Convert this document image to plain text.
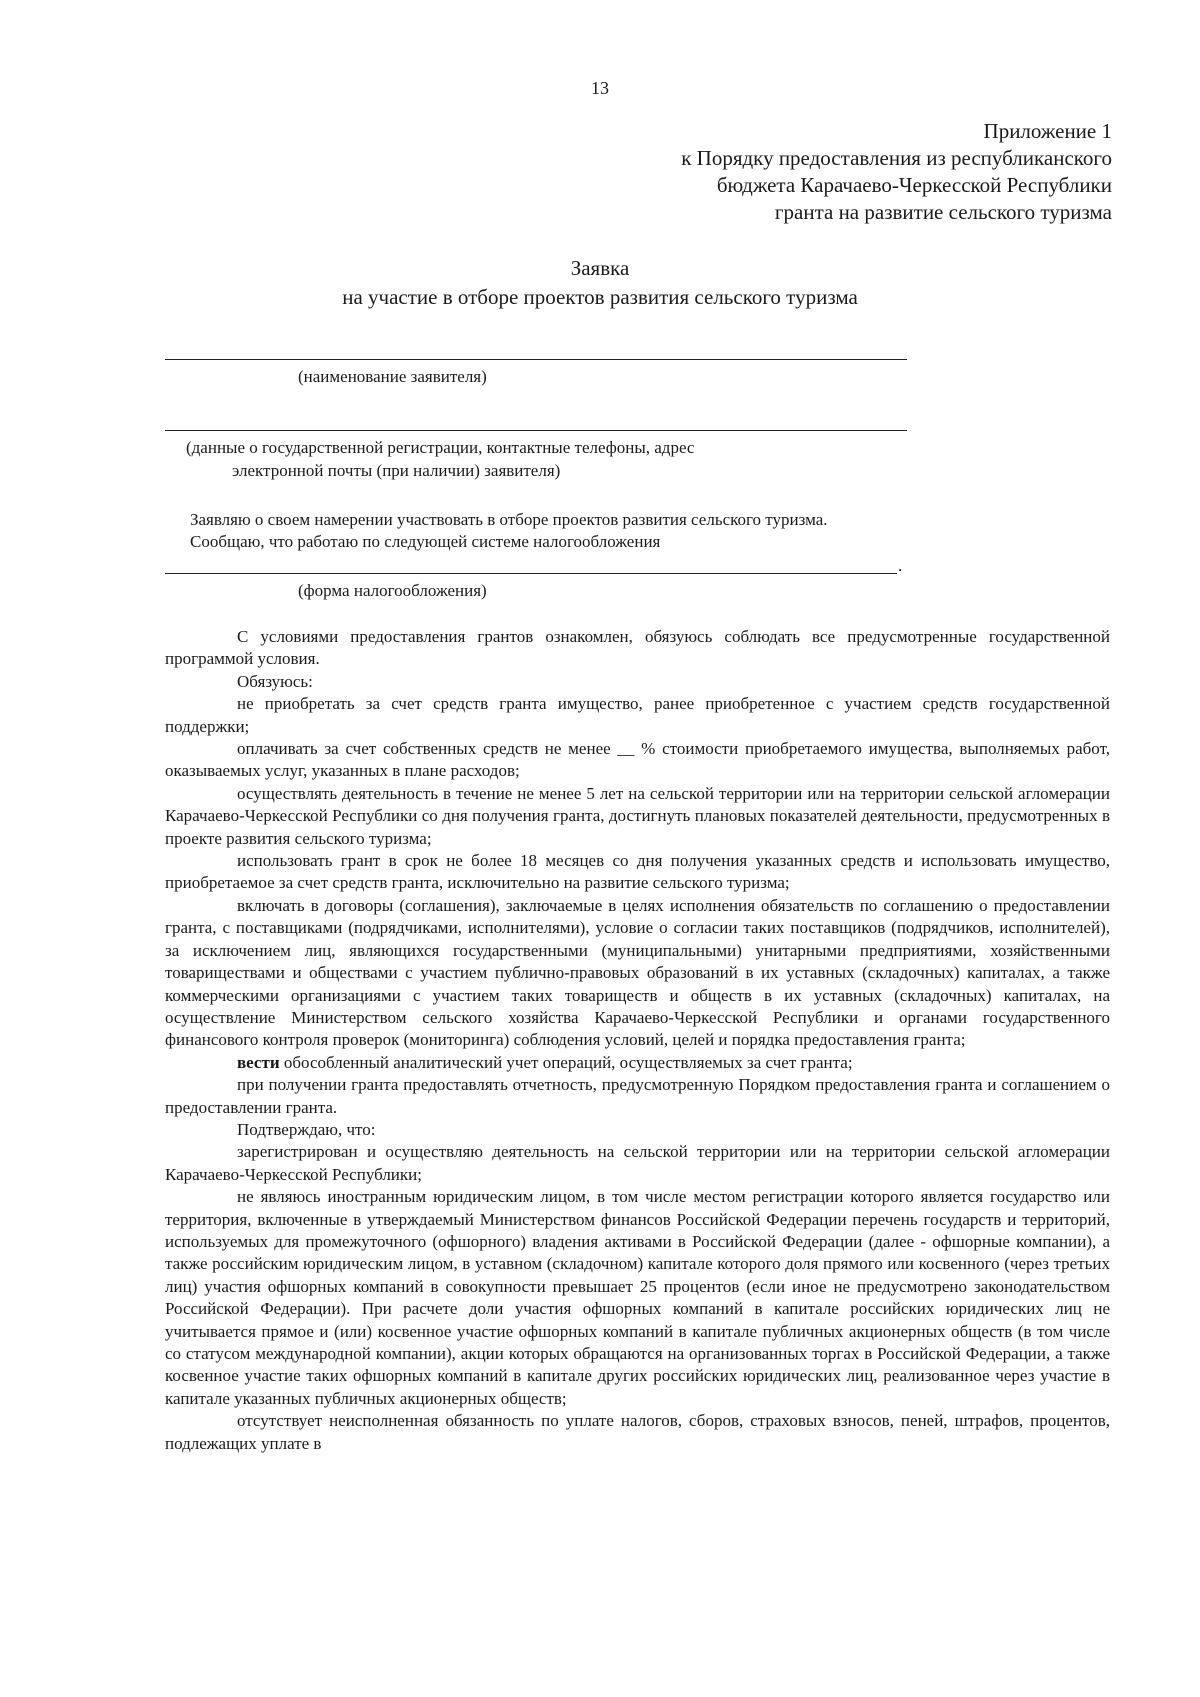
13
Приложение 1
к Порядку предоставления из республиканского
бюджета Карачаево-Черкесской Республики
гранта на развитие сельского туризма
Заявка
на участие в отборе проектов развития сельского туризма
(наименование заявителя)
(данные о государственной регистрации, контактные телефоны, адрес
электронной почты (при наличии) заявителя)
Заявляю о своем намерении участвовать в отборе проектов развития сельского туризма.
Сообщаю, что работаю по следующей системе налогообложения
.
(форма налогообложения)

С условиями предоставления грантов ознакомлен, обязуюсь соблюдать все предусмотренные государственной программой условия.

Обязуюсь:

не приобретать за счет средств гранта имущество, ранее приобретенное с участием средств государственной поддержки;

оплачивать за счет собственных средств не менее __ % стоимости приобретаемого имущества, выполняемых работ, оказываемых услуг, указанных в плане расходов;

осуществлять деятельность в течение не менее 5 лет на сельской территории или на территории сельской агломерации Карачаево-Черкесской Республики со дня получения гранта, достигнуть плановых показателей деятельности, предусмотренных в проекте развития сельского туризма;

использовать грант в срок не более 18 месяцев со дня получения указанных средств и использовать имущество, приобретаемое за счет средств гранта, исключительно на развитие сельского туризма;

включать в договоры (соглашения), заключаемые в целях исполнения обязательств по соглашению о предоставлении гранта, с поставщиками (подрядчиками, исполнителями), условие о согласии таких поставщиков (подрядчиков, исполнителей), за исключением лиц, являющихся государственными (муниципальными) унитарными предприятиями, хозяйственными товариществами и обществами с участием публично-правовых образований в их уставных (складочных) капиталах, а также коммерческими организациями с участием таких товариществ и обществ в их уставных (складочных) капиталах, на осуществление Министерством сельского хозяйства Карачаево-Черкесской Республики и органами государственного финансового контроля проверок (мониторинга) соблюдения условий, целей и порядка предоставления гранта;

вести обособленный аналитический учет операций, осуществляемых за счет гранта;

при получении гранта предоставлять отчетность, предусмотренную Порядком предоставления гранта и соглашением о предоставлении гранта.

Подтверждаю, что:

зарегистрирован и осуществляю деятельность на сельской территории или на территории сельской агломерации Карачаево-Черкесской Республики;

не являюсь иностранным юридическим лицом, в том числе местом регистрации которого является государство или территория, включенные в утверждаемый Министерством финансов Российской Федерации перечень государств и территорий, используемых для промежуточного (офшорного) владения активами в Российской Федерации (далее - офшорные компании), а также российским юридическим лицом, в уставном (складочном) капитале которого доля прямого или косвенного (через третьих лиц) участия офшорных компаний в совокупности превышает 25 процентов (если иное не предусмотрено законодательством Российской Федерации). При расчете доли участия офшорных компаний в капитале российских юридических лиц не учитывается прямое и (или) косвенное участие офшорных компаний в капитале публичных акционерных обществ (в том числе со статусом международной компании), акции которых обращаются на организованных торгах в Российской Федерации, а также косвенное участие таких офшорных компаний в капитале других российских юридических лиц, реализованное через участие в капитале указанных публичных акционерных обществ;

отсутствует неисполненная обязанность по уплате налогов, сборов, страховых взносов, пеней, штрафов, процентов, подлежащих уплате в
